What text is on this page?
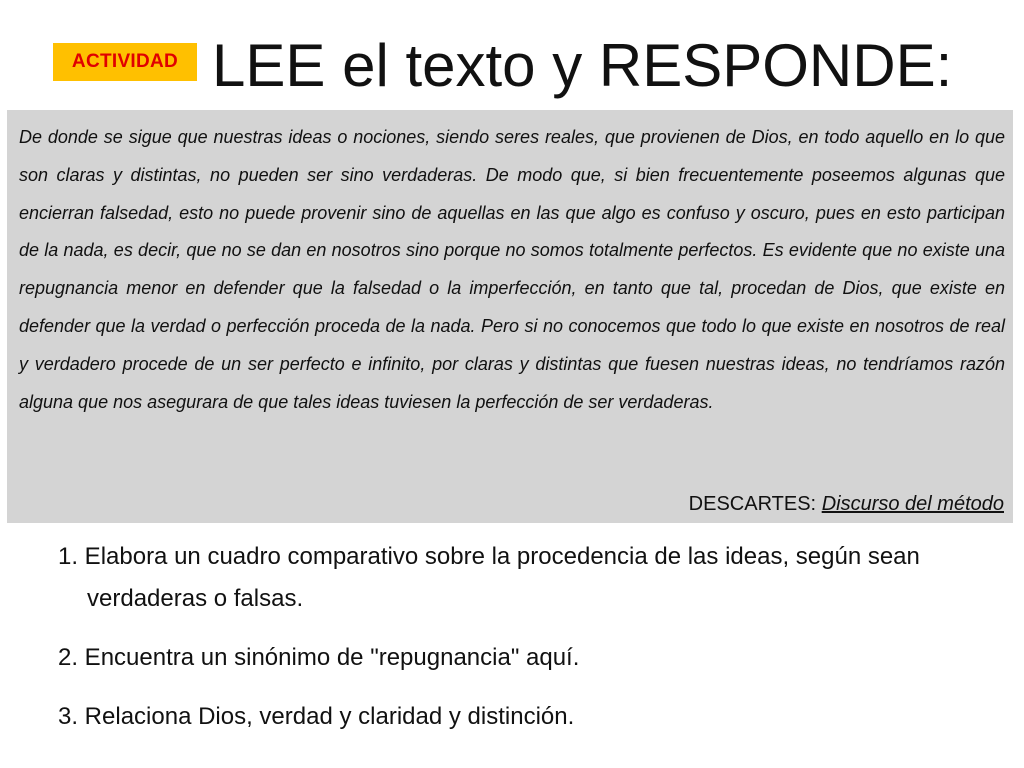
ACTIVIDAD LEE el texto y RESPONDE:

De donde se sigue que nuestras ideas o nociones, siendo seres reales, que provienen de Dios, en todo aquello en lo que son claras y distintas, no pueden ser sino verdaderas. De modo que, si bien frecuentemente poseemos algunas que encierran falsedad, esto no puede provenir sino de aquellas en las que algo es confuso y oscuro, pues en esto participan de la nada, es decir, que no se dan en nosotros sino porque no somos totalmente perfectos. Es evidente que no existe una repugnancia menor en defender que la falsedad o la imperfección, en tanto que tal, procedan de Dios, que existe en defender que la verdad o perfección proceda de la nada. Pero si no conocemos que todo lo que existe en nosotros de real y verdadero procede de un ser perfecto e infinito, por claras y distintas que fuesen nuestras ideas, no tendríamos razón alguna que nos asegurara de que tales ideas tuviesen la perfección de ser verdaderas.

DESCARTES: Discurso del método
1. Elabora un cuadro comparativo sobre la procedencia de las ideas, según sean verdaderas o falsas.
2. Encuentra un sinónimo de "repugnancia" aquí.
3. Relaciona Dios, verdad y claridad y distinción.
